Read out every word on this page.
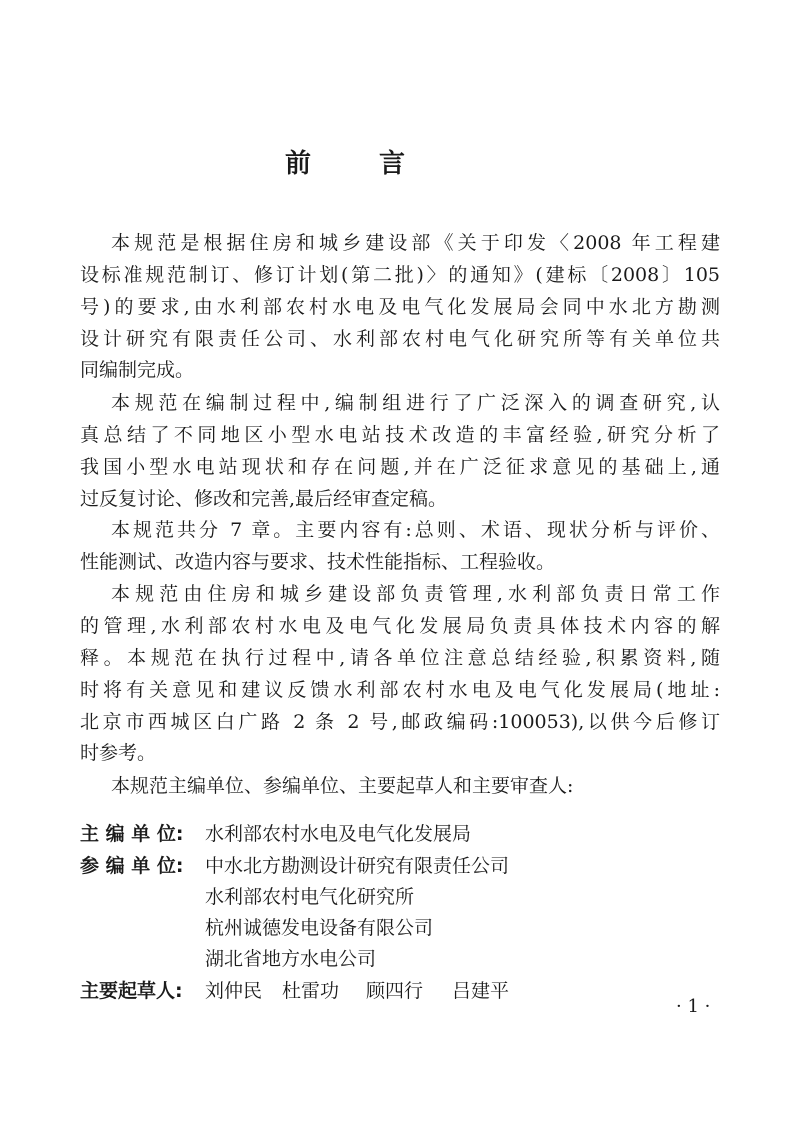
前	言
本规范是根据住房和城乡建设部《关于印发〈2008 年工程建
设标准规范制订、修订计划(第二批)〉的通知》(建标〔2008〕105
号)的要求,由水利部农村水电及电气化发展局会同中水北方勘测
设计研究有限责任公司、水利部农村电气化研究所等有关单位共
同编制完成。
本规范在编制过程中,编制组进行了广泛深入的调查研究,认
真总结了不同地区小型水电站技术改造的丰富经验,研究分析了
我国小型水电站现状和存在问题,并在广泛征求意见的基础上,通
过反复讨论、修改和完善,最后经审查定稿。
本规范共分 7 章。主要内容有:总则、术语、现状分析与评价、
性能测试、改造内容与要求、技术性能指标、工程验收。
本规范由住房和城乡建设部负责管理,水利部负责日常工作
的管理,水利部农村水电及电气化发展局负责具体技术内容的解
释。本规范在执行过程中,请各单位注意总结经验,积累资料,随
时将有关意见和建议反馈水利部农村水电及电气化发展局(地址:
北京市西城区白广路 2 条 2 号,邮政编码:100053),以供今后修订
时参考。
本规范主编单位、参编单位、主要起草人和主要审查人:
主 编 单 位: 水利部农村水电及电气化发展局
参 编 单 位: 中水北方勘测设计研究有限责任公司
水利部农村电气化研究所
杭州诚德发电设备有限公司
湖北省地方水电公司
主要起草人: 刘仲民 杜雷功 顾四行 吕建平
· 1 ·
